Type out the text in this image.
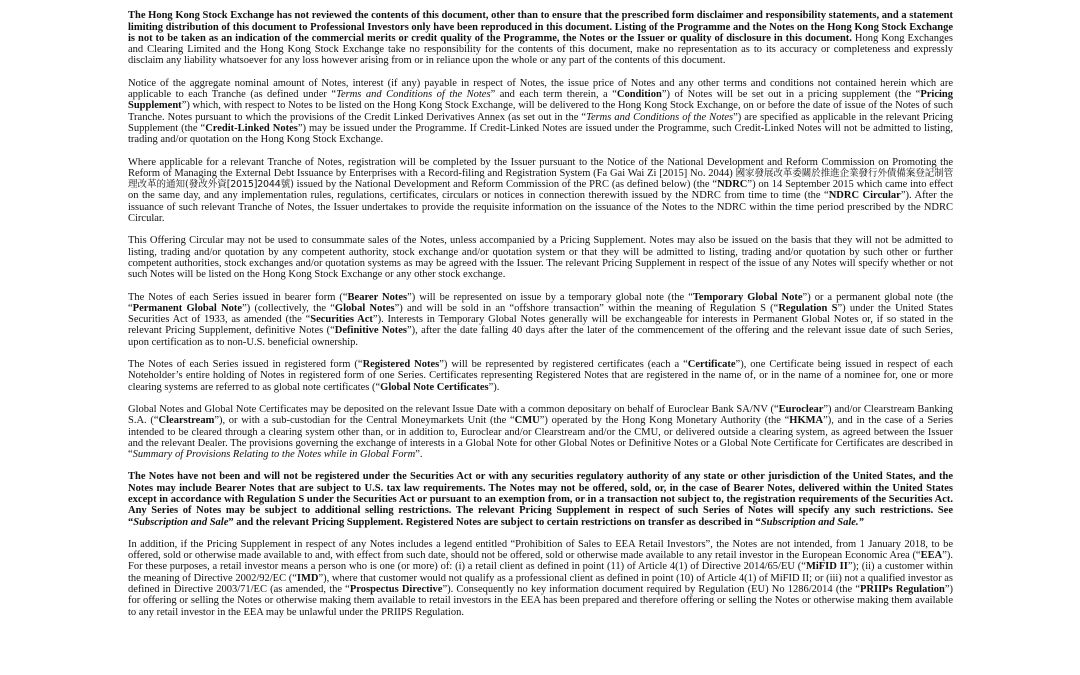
The Hong Kong Stock Exchange has not reviewed the contents of this document, other than to ensure that the prescribed form disclaimer and responsibility statements, and a statement limiting distribution of this document to Professional Investors only have been reproduced in this document. Listing of the Programme and the Notes on the Hong Kong Stock Exchange is not to be taken as an indication of the commercial merits or credit quality of the Programme, the Notes or the Issuer or quality of disclosure in this document. Hong Kong Exchanges and Clearing Limited and the Hong Kong Stock Exchange take no responsibility for the contents of this document, make no representation as to its accuracy or completeness and expressly disclaim any liability whatsoever for any loss however arising from or in reliance upon the whole or any part of the contents of this document.

Notice of the aggregate nominal amount of Notes, interest (if any) payable in respect of Notes, the issue price of Notes and any other terms and conditions not contained herein which are applicable to each Tranche (as defined under “Terms and Conditions of the Notes” and each term therein, a “Condition”) of Notes will be set out in a pricing supplement (the “Pricing Supplement”) which, with respect to Notes to be listed on the Hong Kong Stock Exchange, will be delivered to the Hong Kong Stock Exchange, on or before the date of issue of the Notes of such Tranche. Notes pursuant to which the provisions of the Credit Linked Derivatives Annex (as set out in the “Terms and Conditions of the Notes”) are specified as applicable in the relevant Pricing Supplement (the “Credit-Linked Notes”) may be issued under the Programme. If Credit-Linked Notes are issued under the Programme, such Credit-Linked Notes will not be admitted to listing, trading and/or quotation on the Hong Kong Stock Exchange.

Where applicable for a relevant Tranche of Notes, registration will be completed by the Issuer pursuant to the Notice of the National Development and Reform Commission on Promoting the Reform of Managing the External Debt Issuance by Enterprises with a Record-filing and Registration System (Fa Gai Wai Zi [2015] No. 2044) 國家發展改革委關於推進企業發行外債備案登記制管理改革的通知(發改外資[2015]2044號) issued by the National Development and Reform Commission of the PRC (as defined below) (the “NDRC”) on 14 September 2015 which came into effect on the same day, and any implementation rules, regulations, certificates, circulars or notices in connection therewith issued by the NDRC from time to time (the “NDRC Circular”). After the issuance of such relevant Tranche of Notes, the Issuer undertakes to provide the requisite information on the issuance of the Notes to the NDRC within the time period prescribed by the NDRC Circular.

This Offering Circular may not be used to consummate sales of the Notes, unless accompanied by a Pricing Supplement. Notes may also be issued on the basis that they will not be admitted to listing, trading and/or quotation by any competent authority, stock exchange and/or quotation system or that they will be admitted to listing, trading and/or quotation by such other or further competent authorities, stock exchanges and/or quotation systems as may be agreed with the Issuer. The relevant Pricing Supplement in respect of the issue of any Notes will specify whether or not such Notes will be listed on the Hong Kong Stock Exchange or any other stock exchange.

The Notes of each Series issued in bearer form (“Bearer Notes”) will be represented on issue by a temporary global note (the “Temporary Global Note”) or a permanent global note (the “Permanent Global Note”) (collectively, the “Global Notes”) and will be sold in an “offshore transaction” within the meaning of Regulation S (“Regulation S”) under the United States Securities Act of 1933, as amended (the “Securities Act”). Interests in Temporary Global Notes generally will be exchangeable for interests in Permanent Global Notes or, if so stated in the relevant Pricing Supplement, definitive Notes (“Definitive Notes”), after the date falling 40 days after the later of the commencement of the offering and the relevant issue date of such Series, upon certification as to non-U.S. beneficial ownership.

The Notes of each Series issued in registered form (“Registered Notes”) will be represented by registered certificates (each a “Certificate”), one Certificate being issued in respect of each Noteholder’s entire holding of Notes in registered form of one Series. Certificates representing Registered Notes that are registered in the name of, or in the name of a nominee for, one or more clearing systems are referred to as global note certificates (“Global Note Certificates”).

Global Notes and Global Note Certificates may be deposited on the relevant Issue Date with a common depositary on behalf of Euroclear Bank SA/NV (“Euroclear”) and/or Clearstream Banking S.A. (“Clearstream”), or with a sub-custodian for the Central Moneymarkets Unit (the “CMU”) operated by the Hong Kong Monetary Authority (the “HKMA”), and in the case of a Series intended to be cleared through a clearing system other than, or in addition to, Euroclear and/or Clearstream and/or the CMU, or delivered outside a clearing system, as agreed between the Issuer and the relevant Dealer. The provisions governing the exchange of interests in a Global Note for other Global Notes or Definitive Notes or a Global Note Certificate for Certificates are described in “Summary of Provisions Relating to the Notes while in Global Form”.

The Notes have not been and will not be registered under the Securities Act or with any securities regulatory authority of any state or other jurisdiction of the United States, and the Notes may include Bearer Notes that are subject to U.S. tax law requirements. The Notes may not be offered, sold, or, in the case of Bearer Notes, delivered within the United States except in accordance with Regulation S under the Securities Act or pursuant to an exemption from, or in a transaction not subject to, the registration requirements of the Securities Act. Any Series of Notes may be subject to additional selling restrictions. The relevant Pricing Supplement in respect of such Series of Notes will specify any such restrictions. See “Subscription and Sale” and the relevant Pricing Supplement. Registered Notes are subject to certain restrictions on transfer as described in “Subscription and Sale.”

In addition, if the Pricing Supplement in respect of any Notes includes a legend entitled “Prohibition of Sales to EEA Retail Investors”, the Notes are not intended, from 1 January 2018, to be offered, sold or otherwise made available to and, with effect from such date, should not be offered, sold or otherwise made available to any retail investor in the European Economic Area (“EEA”). For these purposes, a retail investor means a person who is one (or more) of: (i) a retail client as defined in point (11) of Article 4(1) of Directive 2014/65/EU (“MiFID II”); (ii) a customer within the meaning of Directive 2002/92/EC (“IMD”), where that customer would not qualify as a professional client as defined in point (10) of Article 4(1) of MiFID II; or (iii) not a qualified investor as defined in Directive 2003/71/EC (as amended, the “Prospectus Directive”). Consequently no key information document required by Regulation (EU) No 1286/2014 (the “PRIIPs Regulation”) for offering or selling the Notes or otherwise making them available to retail investors in the EEA has been prepared and therefore offering or selling the Notes or otherwise making them available to any retail investor in the EEA may be unlawful under the PRIIPS Regulation.
